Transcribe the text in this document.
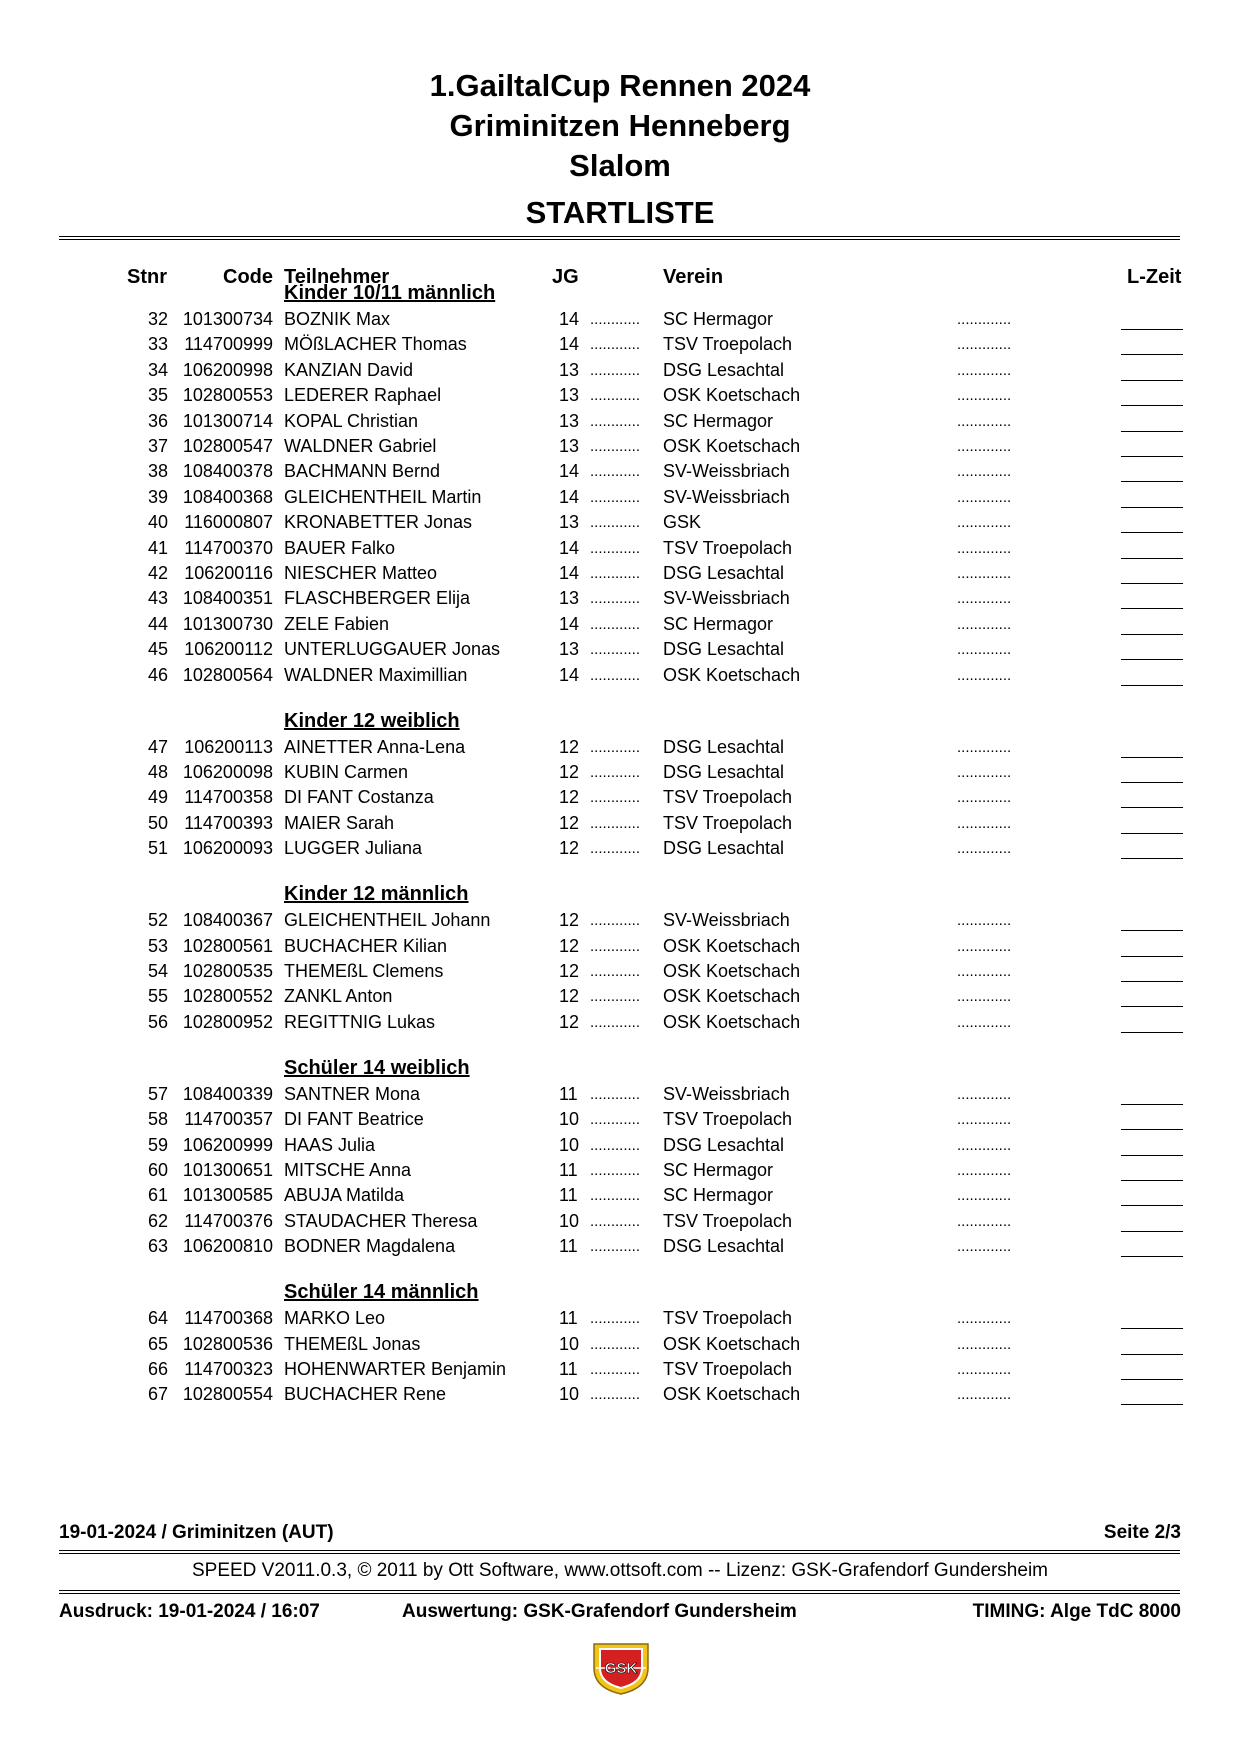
1.GailtalCup Rennen 2024
Griminitzen Henneberg
Slalom
STARTLISTE
Stnr	Code Teilnehmer	JG	Verein	L-Zeit
Kinder 10/11 männlich
32 101300734 BOZNIK Max	14 ............ SC Hermagor	.............
33 114700999 MÖßLACHER Thomas	14 ............ TSV Troepolach	.............
34 106200998 KANZIAN David	13 ............ DSG Lesachtal	.............
35 102800553 LEDERER Raphael	13 ............ OSK Koetschach	.............
36 101300714 KOPAL Christian	13 ............ SC Hermagor	.............
37 102800547 WALDNER Gabriel	13 ............ OSK Koetschach	.............
38 108400378 BACHMANN Bernd	14 ............ SV-Weissbriach	.............
39 108400368 GLEICHENTHEIL Martin	14 ............ SV-Weissbriach	.............
40 116000807 KRONABETTER Jonas	13 ............ GSK	.............
41 114700370 BAUER Falko	14 ............ TSV Troepolach	.............
42 106200116 NIESCHER Matteo	14 ............ DSG Lesachtal	.............
43 108400351 FLASCHBERGER Elija	13 ............ SV-Weissbriach	.............
44 101300730 ZELE Fabien	14 ............ SC Hermagor	.............
45 106200112 UNTERLUGGAUER Jonas	13 ............ DSG Lesachtal	.............
46 102800564 WALDNER Maximillian	14 ............ OSK Koetschach	.............
Kinder 12 weiblich
47 106200113 AINETTER Anna-Lena	12 ............ DSG Lesachtal	.............
48 106200098 KUBIN Carmen	12 ............ DSG Lesachtal	.............
49 114700358 DI FANT Costanza	12 ............ TSV Troepolach	.............
50 114700393 MAIER Sarah	12 ............ TSV Troepolach	.............
51 106200093 LUGGER Juliana	12 ............ DSG Lesachtal	.............
Kinder 12 männlich
52 108400367 GLEICHENTHEIL Johann	12 ............ SV-Weissbriach	.............
53 102800561 BUCHACHER Kilian	12 ............ OSK Koetschach	.............
54 102800535 THEMEßL Clemens	12 ............ OSK Koetschach	.............
55 102800552 ZANKL Anton	12 ............ OSK Koetschach	.............
56 102800952 REGITTNIG Lukas	12 ............ OSK Koetschach	.............
Schüler 14 weiblich
57 108400339 SANTNER Mona	11 ............ SV-Weissbriach	.............
58 114700357 DI FANT Beatrice	10 ............ TSV Troepolach	.............
59 106200999 HAAS Julia	10 ............ DSG Lesachtal	.............
60 101300651 MITSCHE Anna	11 ............ SC Hermagor	.............
61 101300585 ABUJA Matilda	11 ............ SC Hermagor	.............
62 114700376 STAUDACHER Theresa	10 ............ TSV Troepolach	.............
63 106200810 BODNER Magdalena	11 ............ DSG Lesachtal	.............
Schüler 14 männlich
64 114700368 MARKO Leo	11 ............ TSV Troepolach	.............
65 102800536 THEMEßL Jonas	10 ............ OSK Koetschach	.............
66 114700323 HOHENWARTER Benjamin	11 ............ TSV Troepolach	.............
67 102800554 BUCHACHER Rene	10 ............ OSK Koetschach	.............
19-01-2024 / Griminitzen (AUT)	Seite 2/3
SPEED V2011.0.3, © 2011 by Ott Software, www.ottsoft.com -- Lizenz: GSK-Grafendorf Gundersheim
Ausdruck: 19-01-2024 / 16:07	Auswertung: GSK-Grafendorf Gundersheim	TIMING: Alge TdC 8000
GSK
